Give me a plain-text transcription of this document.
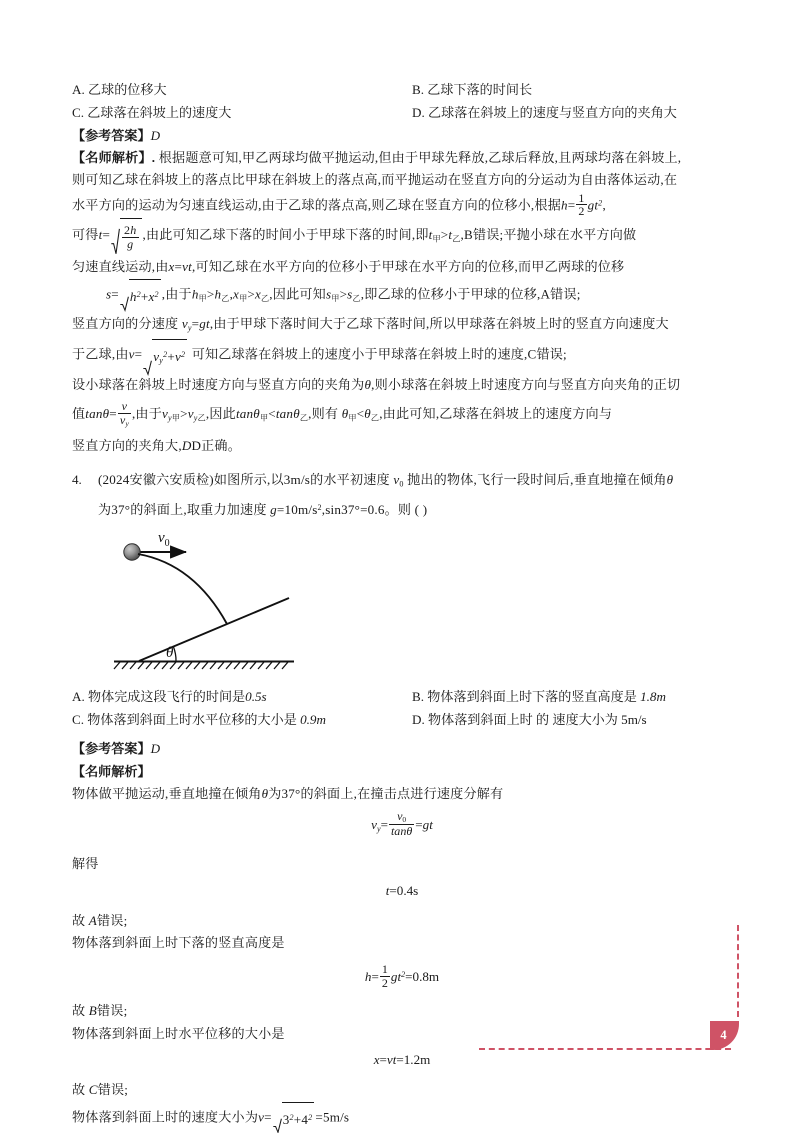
A. 乙球的位移大	B. 乙球下落的时间长
C. 乙球落在斜坡上的速度大	D. 乙球落在斜坡上的速度与竖直方向的夹角大
【参考答案】D
【名师解析】. 根据题意可知,甲乙两球均做平抛运动,但由于甲球先释放,乙球后释放,且两球均落在斜坡上,
则可知乙球在斜坡上的落点比甲球在斜坡上的落点高,而平抛运动在竖直方向的分运动为自由落体运动,在
水平方向的运动为匀速直线运动,由于乙球的落点高,则乙球在竖直方向的位移小,根据$h= \frac{1}{2} gt^2$,
可得$t= \frac{2h}{g}$ ,由此可知乙球下落的时间小于甲球下落的时间,即$t_甲>t_乙,B$错误;平抛小球在水平方向做
匀速直线运动,由x=vt,可知乙球在水平方向的位移小于甲球在水平方向的位移,而甲乙两球的位移
$s= h^2+x^2$ ,由于$h_甲>h_乙,x_甲>x_乙$,因此可知$s_甲>s_乙$,即乙球的位移小于甲球的位移,A错误;
竖直方向的分速度 $v_y=gt$,由于甲球下落时间大于乙球下落时间,所以甲球落在斜坡上时的竖直方向速度大
于乙球,由$v= v_y^2+v^2$ 可知乙球落在斜坡上的速度小于甲球落在斜坡上时的速度,C错误;
设小球落在斜坡上时速度方向与竖直方向的夹角为θ,则小球落在斜坡上时速度方向与竖直方向夹角的正切
值$\tan\theta= \frac{v}{v_y}$ ,由于$v_{y甲}>v_{y乙}$,因此tanθ$_甲$<tanθ$_乙$,则有 $\theta_甲<\theta_乙$,由此可知,乙球落在斜坡上的速度方向与
竖直方向的夹角大,DD正确。
4.	(2024安徽六安质检)如图所示,以3m/s的水平初速度 $v_0$ 抛出的物体,飞行一段时间后,垂直地撞在倾角θ
为37°的斜面上,取重力加速度 $g=10m/s^2,\sin 37^\circ=0.6$。则 ( )
$v_0$
θ
A. 物体完成这段飞行的时间是0.5s	B. 物体落到斜面上时下落的竖直高度是 1.8m
C. 物体落到斜面上时水平位移的大小是 0.9m	D. 物体落到斜面上时 的 速度大小为 5m/s
【参考答案】D
【名师解析】
物体做平抛运动,垂直地撞在倾角θ为37°的斜面上,在撞击点进行速度分解有
$v_y= \frac{v_0}{\tan\theta} =gt$
解得
t=0.4s
故 A错误;
物体落到斜面上时下落的竖直高度是
$h= \frac{1}{2} gt^2=0.8m$
故 B错误;
物体落到斜面上时水平位移的大小是
x=vt=1.2m
故 C错误;
物体落到斜面上时的速度大小为$v= 3^2+4^2 =5m/s$
4
